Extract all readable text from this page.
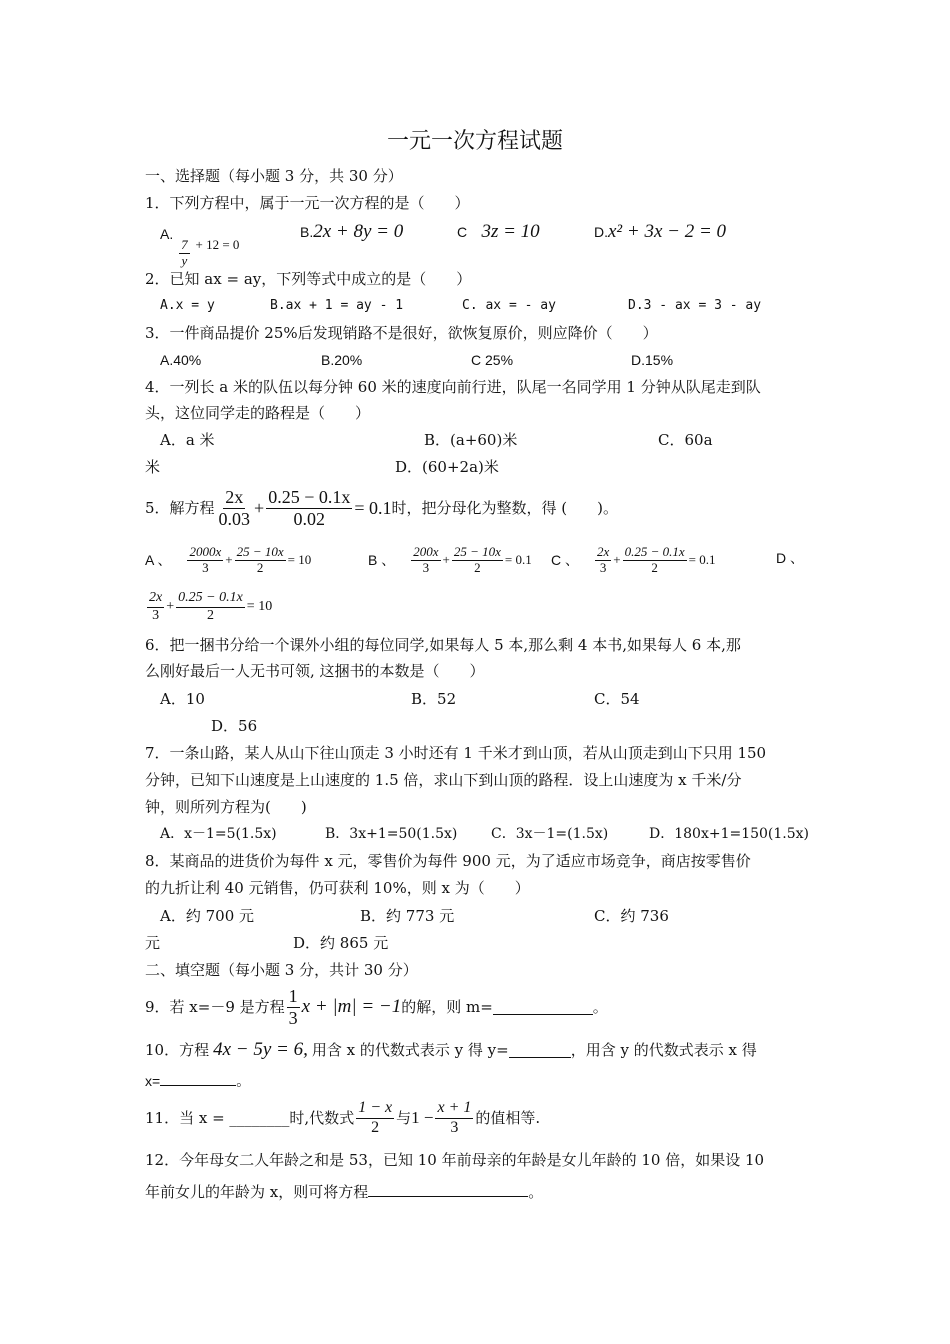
一元一次方程试题
一、选择题（每小题 3 分，共 30 分）
1．下列方程中，属于一元一次方程的是（　　）
A.
$\frac{7}{y} + 12 = 0$
B.2x + 8y = 0	C 3z = 10	D.x² + 3x − 2 = 0
2．已知 ax = ay，下列等式中成立的是（　　）
A.x = y	B.ax + 1 = ay - 1	C. ax = - ay	D.3 - ax = 3 - ay
3．一件商品提价 25%后发现销路不是很好，欲恢复原价，则应降价（　　）
A.40%	B.20%	C 25%	D.15%
4．一列长 a 米的队伍以每分钟 60 米的速度向前行进，队尾一名同学用 1 分钟从队尾走到队
头，这位同学走的路程是（　　）
A．a 米	B．(a+60)米	C．60a
米	D．(60+2a)米
5．解方程 $\frac{2x}{0.03} + \frac{0.25 - 0.1x}{0.02} = 0.1$ 时，把分母化为整数，得 (　　)。
A 、 $\frac{2000x}{3} + \frac{25 - 10x}{2} = 10$	B 、 $\frac{200x}{3} + \frac{25 - 10x}{2} = 0.1$ C 、 $\frac{2x}{3} + \frac{0.25 - 0.1x}{2} = 0.1$	D 、
$\frac{2x}{3} + \frac{0.25 - 0.1x}{2} = 10$
6．把一捆书分给一个课外小组的每位同学,如果每人 5 本,那么剩 4 本书,如果每人 6 本,那
么刚好最后一人无书可领, 这捆书的本数是（　　）
A．10	B．52	C．54
D．56
7．一条山路，某人从山下往山顶走 3 小时还有 1 千米才到山顶，若从山顶走到山下只用 150
分钟，已知下山速度是上山速度的 1.5 倍，求山下到山顶的路程．设上山速度为 x 千米/分
钟，则所列方程为(　　)
A．x－1=5(1.5x)	B．3x+1=50(1.5x) C．3x－1=(1.5x)	D．180x+1=150(1.5x)
8．某商品的进货价为每件 x 元，零售价为每件 900 元，为了适应市场竞争，商店按零售价
的九折让利 40 元销售，仍可获利 10%，则 x 为（　　）
A．约 700 元	B．约 773 元	C．约 736
元	D．约 865 元
二、填空题（每小题 3 分，共计 30 分）
9．若 x=－9 是方程 $\frac{1}{3}$ x + |m| = −1 的解，则 m=	。
10．方程 4x − 5y = 6, 用含 x 的代数式表示 y 得 y=	，用含 y 的代数式表示 x 得
x=	。
11．当 x = ________时,代数式 $\frac{1 - x}{2}$ 与 $1 - \frac{x + 1}{3}$ 的值相等.
12．今年母女二人年龄之和是 53，已知 10 年前母亲的年龄是女儿年龄的 10 倍，如果设 10
年前女儿的年龄为 x，则可将方程	。
